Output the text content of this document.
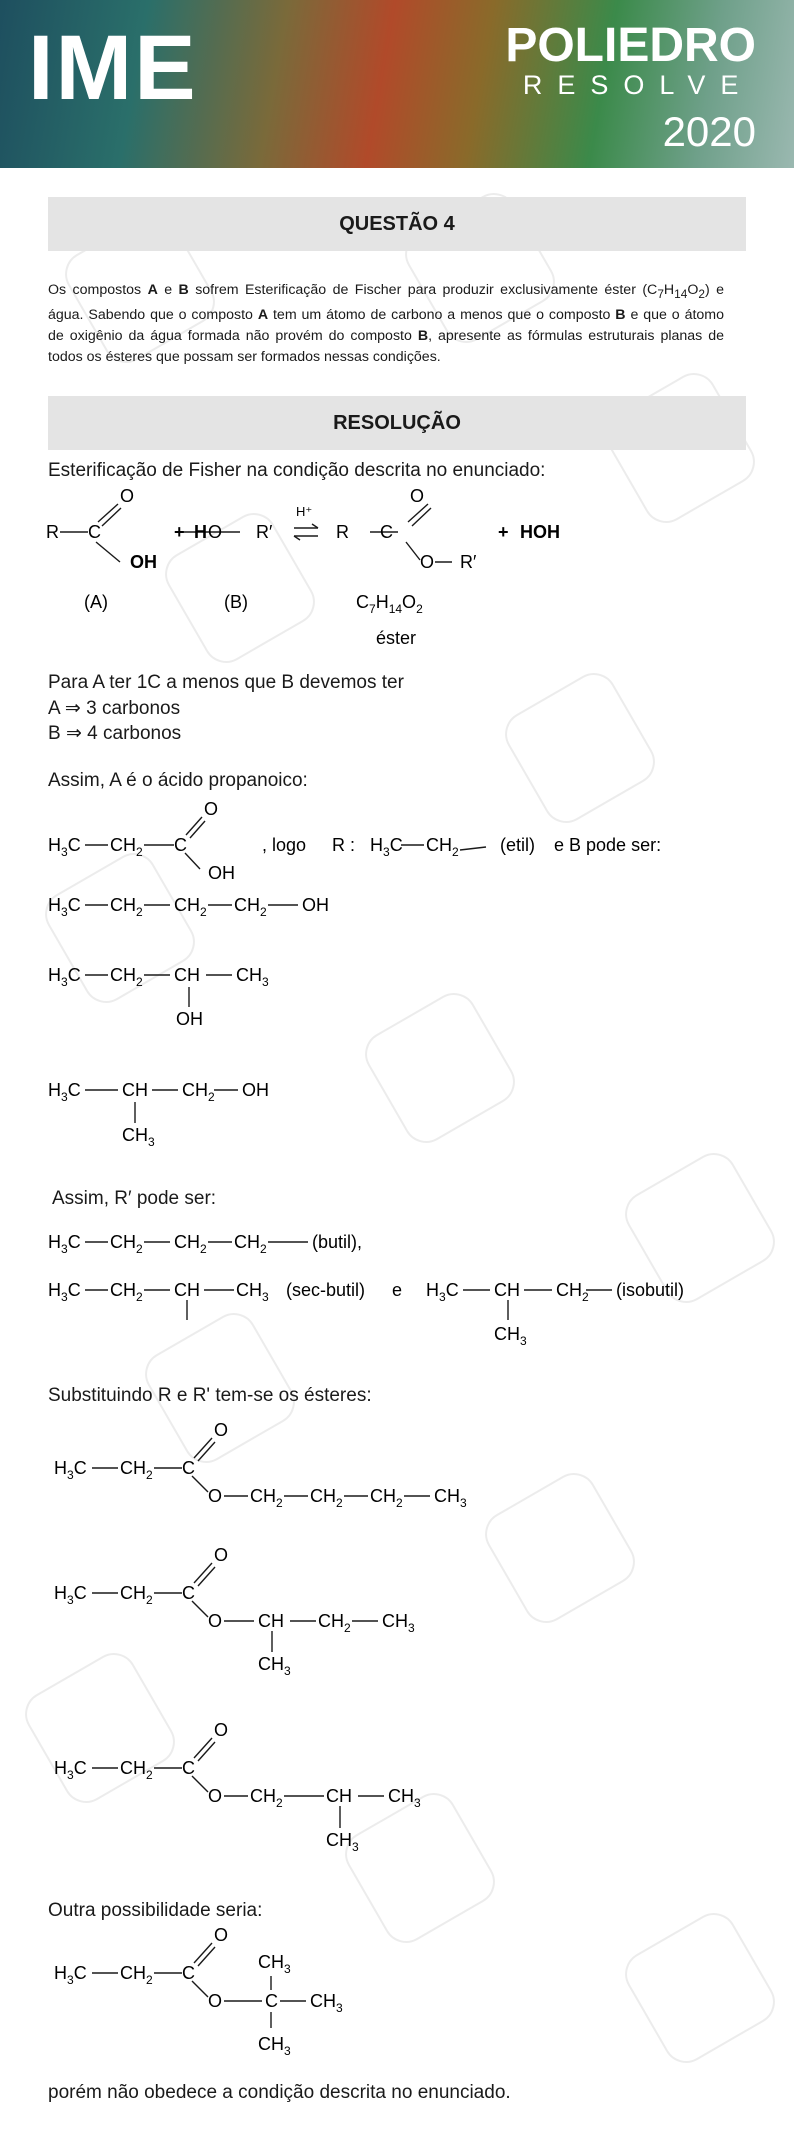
IME	POLIEDRO
RESOLVE
2020
QUESTÃO 4
Os compostos A e B sofrem Esterificação de Fischer para produzir exclusivamente éster $(C_7H_{14}O_2)$ e água. Sabendo que o composto A tem um átomo de carbono a menos que o composto B e que o átomo de oxigênio da água formada não provém do composto B, apresente as fórmulas estruturais planas de todos os ésteres que possam ser formados nessas condições.
RESOLUÇÃO
Esterificação de Fisher na condição descrita no enunciado:
R C
O
OH
+ H O R′
H⁺
R C
O
O R′
+ HOH
(A)	(B)	$C_7H_{14}O_2$
éster
Para A ter 1C a menos que B devemos ter
A ⇒ 3 carbonos
B ⇒ 4 carbonos
Assim, A é o ácido propanoico:
$H_3C$ $CH_2$ C
O
OH
, logo R : $H_3C$ $CH_2$ (etil) e B pode ser:
$H_3C$ $CH_2$ $CH_2$ $CH_2$ OH
$H_3C$ $CH_2$ CH $CH_3$
OH
$H_3C$ CH $CH_2$ OH
$CH_3$
Assim, R′ pode ser:
$H_3C$ $CH_2$ $CH_2$ $CH_2$	(butil),
$H_3C$ $CH_2$ CH $CH_3$ (sec-butil) e $H_3C$ CH $CH_2$ (isobutil)
$CH_3$
Substituindo R e R' tem-se os ésteres:
$H_3C$ $CH_2$ C
O
O $CH_2$ $CH_2$ $CH_2$ $CH_3$
$H_3C$ $CH_2$ C
O
O CH $CH_2$ $CH_3$
$CH_3$
$H_3C$ $CH_2$ C
O
O $CH_2$ CH $CH_3$
$CH_3$
Outra possibilidade seria:
$H_3C$ $CH_2$ C
O
O C $CH_3$
$CH_3$
$CH_3$
porém não obedece a condição descrita no enunciado.
